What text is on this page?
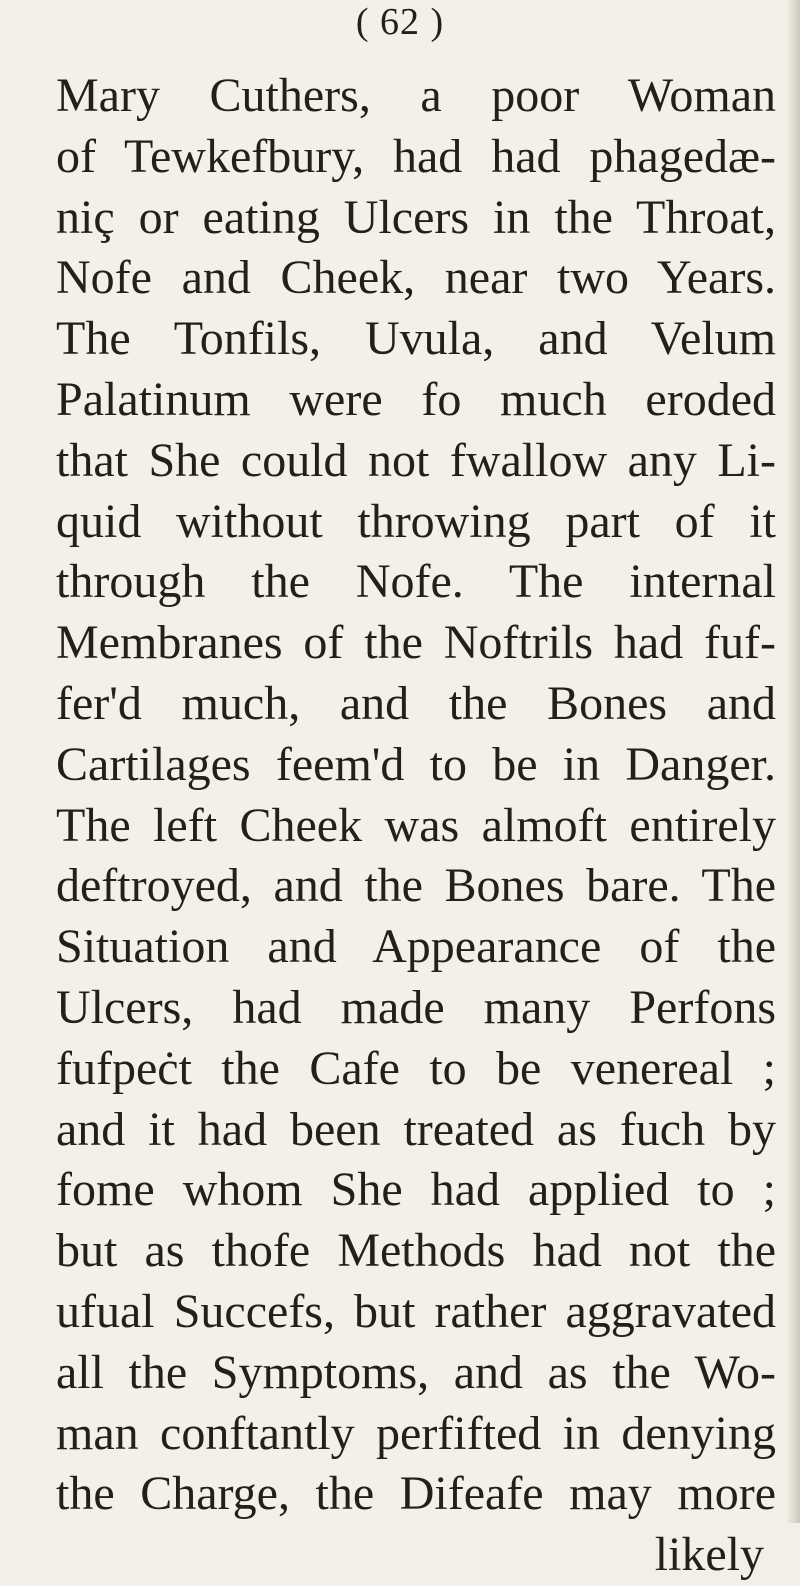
( 62 )
Mary Cuthers, a poor Woman
of Tewkefbury, had had phagedæ-
niç or eating Ulcers in the Throat,
Nofe and Cheek, near two Years.
The Tonfils, Uvula, and Velum
Palatinum were fo much eroded
that She could not fwallow any Li-
quid without throwing part of it
through the Nofe. The internal
Membranes of the Noftrils had fuf-
fer'd much, and the Bones and
Cartilages feem'd to be in Danger.
The left Cheek was almoft entirely
deftroyed, and the Bones bare. The
Situation and Appearance of the
Ulcers, had made many Perfons
fufpeċt the Cafe to be venereal ;
and it had been treated as fuch by
fome whom She had applied to ;
but as thofe Methods had not the
ufual Succefs, but rather aggravated
all the Symptoms, and as the Wo-
man conftantly perfifted in denying
the Charge, the Difeafe may more
likely
